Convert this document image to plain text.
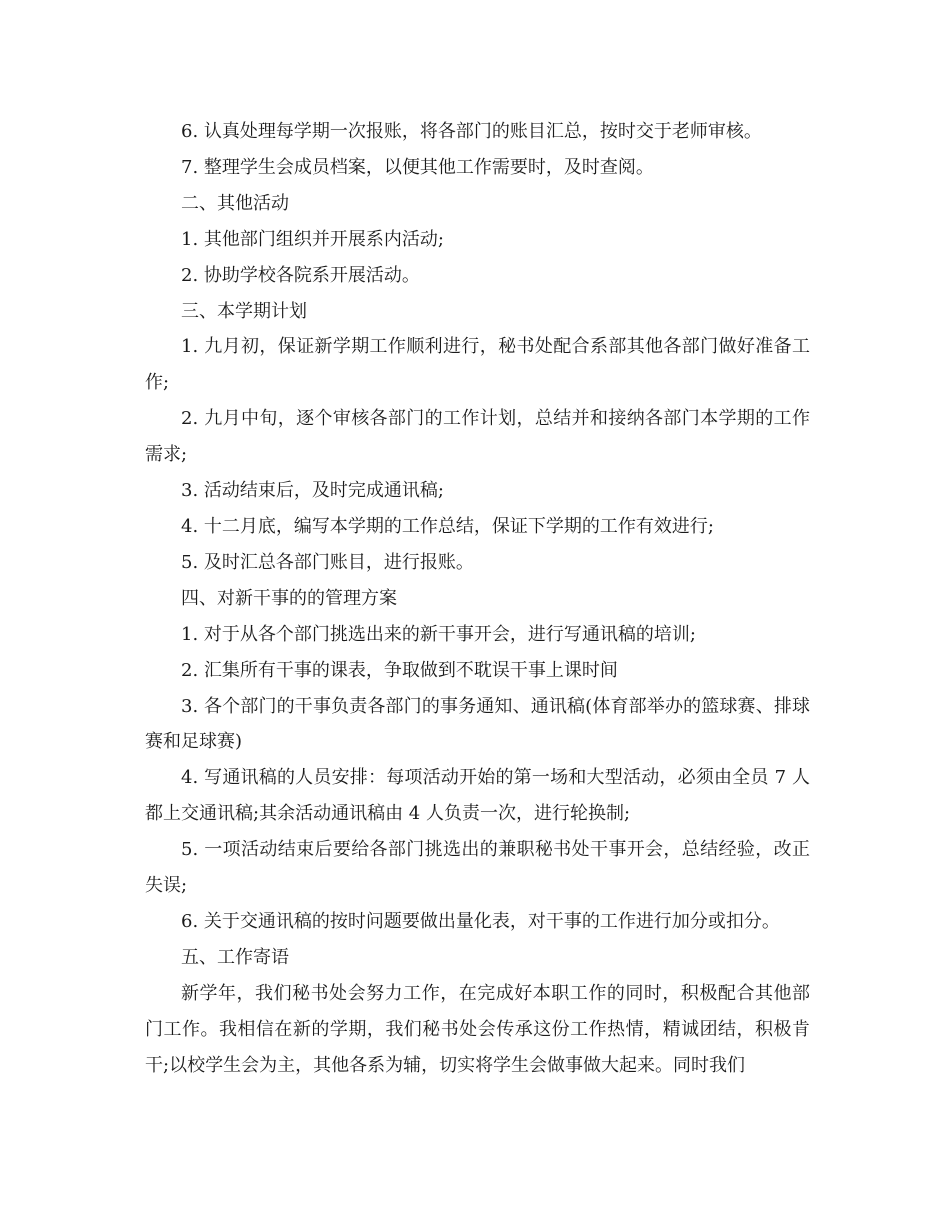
6. 认真处理每学期一次报账，将各部门的账目汇总，按时交于老师审核。

7. 整理学生会成员档案，以便其他工作需要时，及时查阅。

二、其他活动

1. 其他部门组织并开展系内活动;

2. 协助学校各院系开展活动。

三、本学期计划

1. 九月初，保证新学期工作顺利进行，秘书处配合系部其他各部门做好准备工作;

2. 九月中旬，逐个审核各部门的工作计划，总结并和接纳各部门本学期的工作需求;

3. 活动结束后，及时完成通讯稿;

4. 十二月底，编写本学期的工作总结，保证下学期的工作有效进行;

5. 及时汇总各部门账目，进行报账。

四、对新干事的的管理方案

1. 对于从各个部门挑选出来的新干事开会，进行写通讯稿的培训;

2. 汇集所有干事的课表，争取做到不耽误干事上课时间

3. 各个部门的干事负责各部门的事务通知、通讯稿(体育部举办的篮球赛、排球赛和足球赛)

4. 写通讯稿的人员安排：每项活动开始的第一场和大型活动，必须由全员 7 人都上交通讯稿;其余活动通讯稿由 4 人负责一次，进行轮换制;

5. 一项活动结束后要给各部门挑选出的兼职秘书处干事开会，总结经验，改正失误;

6. 关于交通讯稿的按时问题要做出量化表，对干事的工作进行加分或扣分。

五、工作寄语

新学年，我们秘书处会努力工作，在完成好本职工作的同时，积极配合其他部门工作。我相信在新的学期，我们秘书处会传承这份工作热情，精诚团结，积极肯干;以校学生会为主，其他各系为辅，切实将学生会做事做大起来。同时我们
